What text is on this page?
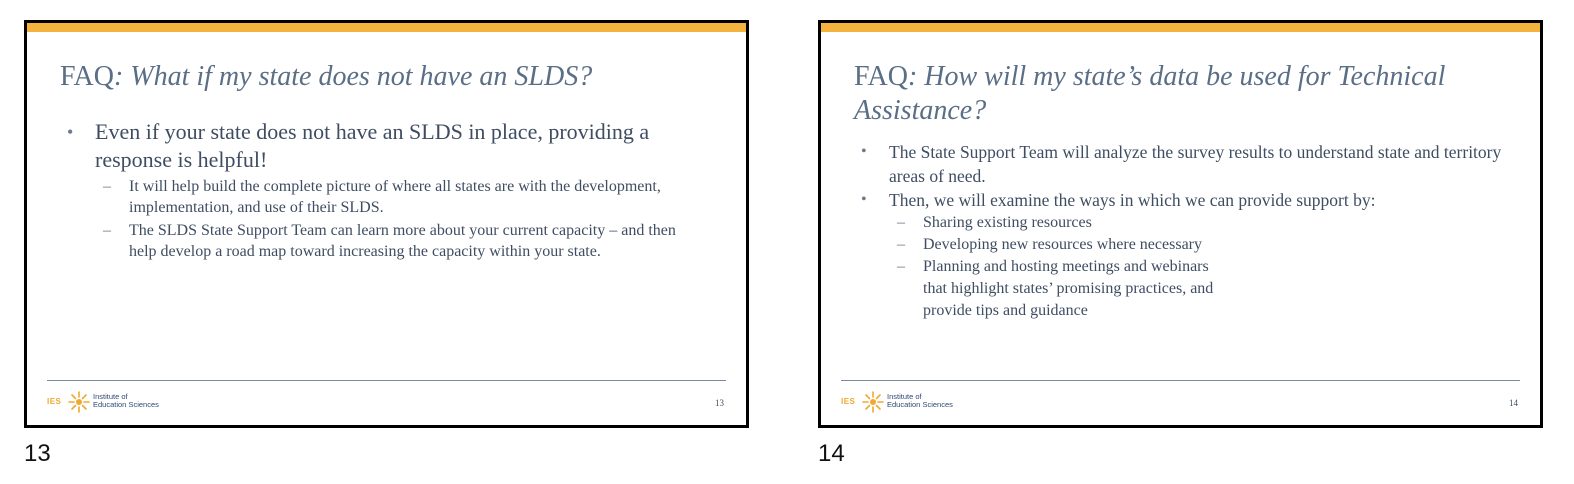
FAQ: What if my state does not have an SLDS?
• Even if your state does not have an SLDS in place, providing a response is helpful!
– It will help build the complete picture of where all states are with the development, implementation, and use of their SLDS.
– The SLDS State Support Team can learn more about your current capacity – and then help develop a road map toward increasing the capacity within your state.
IES
Institute of
Education Sciences	13
13
FAQ: How will my state’s data be used for Technical Assistance?
• The State Support Team will analyze the survey results to understand state and territory areas of need.
• Then, we will examine the ways in which we can provide support by:
– Sharing existing resources
– Developing new resources where necessary
– Planning and hosting meetings and webinars that highlight states’ promising practices, and provide tips and guidance
IES
Institute of
Education Sciences	14
14
